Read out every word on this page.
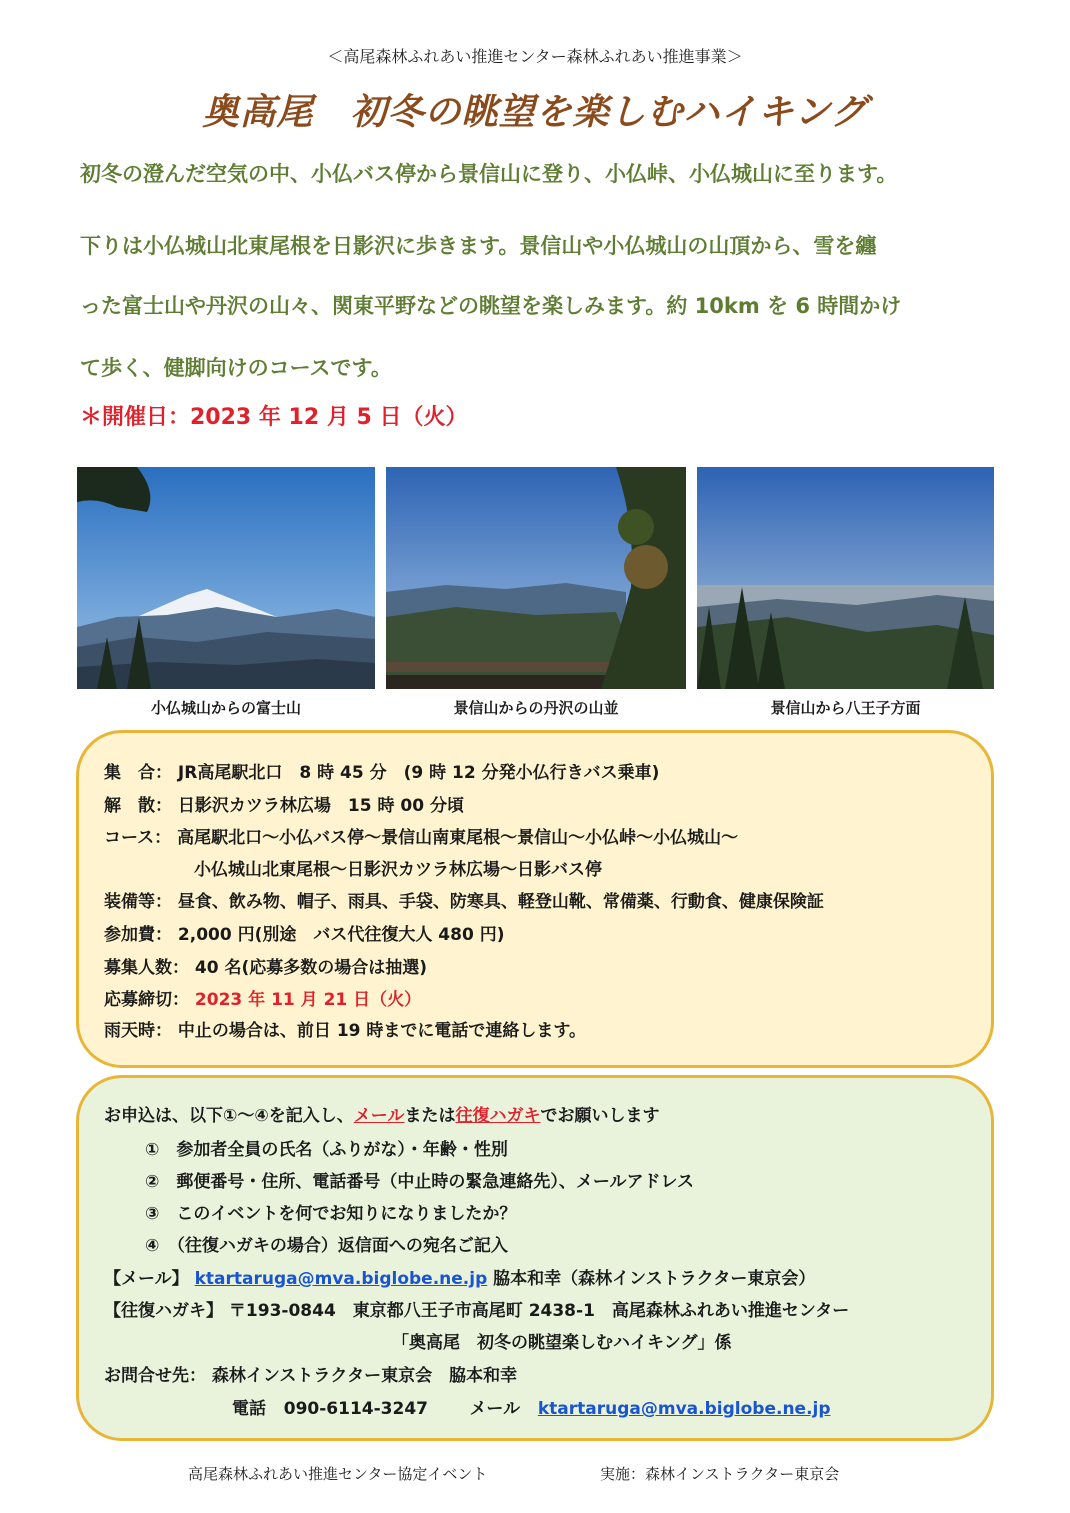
＜高尾森林ふれあい推進センター森林ふれあい推進事業＞
奥高尾　初冬の眺望を楽しむハイキング
初冬の澄んだ空気の中、小仏バス停から景信山に登り、小仏峠、小仏城山に至ります。
下りは小仏城山北東尾根を日影沢に歩きます。景信山や小仏城山の山頂から、雪を纏
った富士山や丹沢の山々、関東平野などの眺望を楽しみます。約 10km を 6 時間かけ
て歩く、健脚向けのコースです。
＊開催日：2023 年 12 月 5 日（火）
小仏城山からの富士山	景信山からの丹沢の山並	景信山から八王子方面
集　合： JR高尾駅北口　8 時 45 分　(9 時 12 分発小仏行きバス乗車)
解　散： 日影沢カツラ林広場　15 時 00 分頃
コース： 高尾駅北口～小仏バス停～景信山南東尾根～景信山～小仏峠～小仏城山～
小仏城山北東尾根～日影沢カツラ林広場～日影バス停
装備等： 昼食、飲み物、帽子、雨具、手袋、防寒具、軽登山靴、常備薬、行動食、健康保険証
参加費： 2,000 円(別途　バス代往復大人 480 円)
募集人数： 40 名(応募多数の場合は抽選)
応募締切： 2023 年 11 月 21 日（火）
雨天時： 中止の場合は、前日 19 時までに電話で連絡します。
お申込は、以下①～④を記入し、メールまたは往復ハガキでお願いします
①　参加者全員の氏名（ふりがな）・年齢・性別
②　郵便番号・住所、電話番号（中止時の緊急連絡先）、メールアドレス
③　このイベントを何でお知りになりましたか？
④　（往復ハガキの場合）返信面への宛名ご記入
【メール】 ktartaruga@mva.biglobe.ne.jp 脇本和幸（森林インストラクター東京会）
【往復ハガキ】 〒193-0844　東京都八王子市高尾町 2438-1　高尾森林ふれあい推進センター
「奥高尾　初冬の眺望楽しむハイキング」係
お問合せ先： 森林インストラクター東京会　脇本和幸
電話 090-6114-3247 メール ktartaruga@mva.biglobe.ne.jp
高尾森林ふれあい推進センター協定イベント	実施：森林インストラクター東京会
